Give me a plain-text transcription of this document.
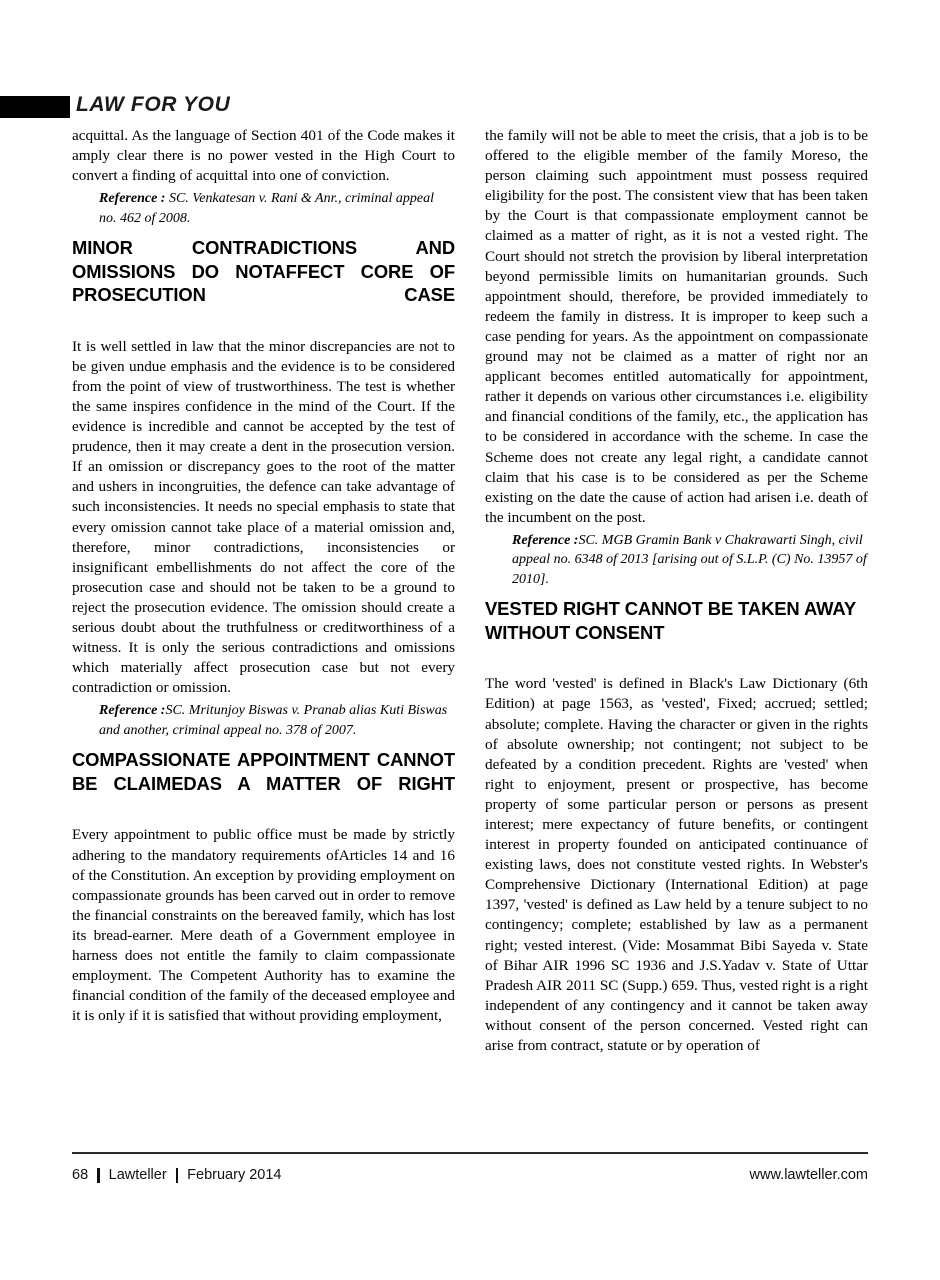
LAW FOR YOU

acquittal. As the language of Section 401 of the Code makes it amply clear there is no power vested in the High Court to convert a finding of acquittal into one of conviction.

Reference : SC. Venkatesan v. Rani & Anr., criminal appeal no. 462 of 2008.
MINOR CONTRADICTIONS AND OMISSIONS DO NOTAFFECT CORE OF PROSECUTION CASE

It is well settled in law that the minor discrepancies are not to be given undue emphasis and the evidence is to be considered from the point of view of trustworthiness. The test is whether the same inspires confidence in the mind of the Court. If the evidence is incredible and cannot be accepted by the test of prudence, then it may create a dent in the prosecution version. If an omission or discrepancy goes to the root of the matter and ushers in incongruities, the defence can take advantage of such inconsistencies. It needs no special emphasis to state that every omission cannot take place of a material omission and, therefore, minor contradictions, inconsistencies or insignificant embellishments do not affect the core of the prosecution case and should not be taken to be a ground to reject the prosecution evidence. The omission should create a serious doubt about the truthfulness or creditworthiness of a witness. It is only the serious contradictions and omissions which materially affect prosecution case but not every contradiction or omission.

Reference :SC. Mritunjoy Biswas v. Pranab alias Kuti Biswas and another, criminal appeal no. 378 of 2007.
COMPASSIONATE APPOINTMENT CANNOT BE CLAIMEDAS A MATTER OF RIGHT

Every appointment to public office must be made by strictly adhering to the mandatory requirements ofArticles 14 and 16 of the Constitution. An exception by providing employment on compassionate grounds has been carved out in order to remove the financial constraints on the bereaved family, which has lost its bread-earner. Mere death of a Government employee in harness does not entitle the family to claim compassionate employment. The Competent Authority has to examine the financial condition of the family of the deceased employee and it is only if it is satisfied that without providing employment,

the family will not be able to meet the crisis, that a job is to be offered to the eligible member of the family Moreso, the person claiming such appointment must possess required eligibility for the post. The consistent view that has been taken by the Court is that compassionate employment cannot be claimed as a matter of right, as it is not a vested right. The Court should not stretch the provision by liberal interpretation beyond permissible limits on humanitarian grounds. Such appointment should, therefore, be provided immediately to redeem the family in distress. It is improper to keep such a case pending for years. As the appointment on compassionate ground may not be claimed as a matter of right nor an applicant becomes entitled automatically for appointment, rather it depends on various other circumstances i.e. eligibility and financial conditions of the family, etc., the application has to be considered in accordance with the scheme. In case the Scheme does not create any legal right, a candidate cannot claim that his case is to be considered as per the Scheme existing on the date the cause of action had arisen i.e. death of the incumbent on the post.

Reference :SC. MGB Gramin Bank v Chakrawarti Singh, civil appeal no. 6348 of 2013 [arising out of S.L.P. (C) No. 13957 of 2010].
VESTED RIGHT CANNOT BE TAKEN AWAY WITHOUT CONSENT

The word 'vested' is defined in Black's Law Dictionary (6th Edition) at page 1563, as 'vested', Fixed; accrued; settled; absolute; complete. Having the character or given in the rights of absolute ownership; not contingent; not subject to be defeated by a condition precedent. Rights are 'vested' when right to enjoyment, present or prospective, has become property of some particular person or persons as present interest; mere expectancy of future benefits, or contingent interest in property founded on anticipated continuance of existing laws, does not constitute vested rights. In Webster's Comprehensive Dictionary (International Edition) at page 1397, 'vested' is defined as Law held by a tenure subject to no contingency; complete; established by law as a permanent right; vested interest. (Vide: Mosammat Bibi Sayeda v. State of Bihar AIR 1996 SC 1936 and J.S.Yadav v. State of Uttar Pradesh AIR 2011 SC (Supp.) 659. Thus, vested right is a right independent of any contingency and it cannot be taken away without consent of the person concerned. Vested right can arise from contract, statute or by operation of

68 Lawteller February 2014	www.lawteller.com
